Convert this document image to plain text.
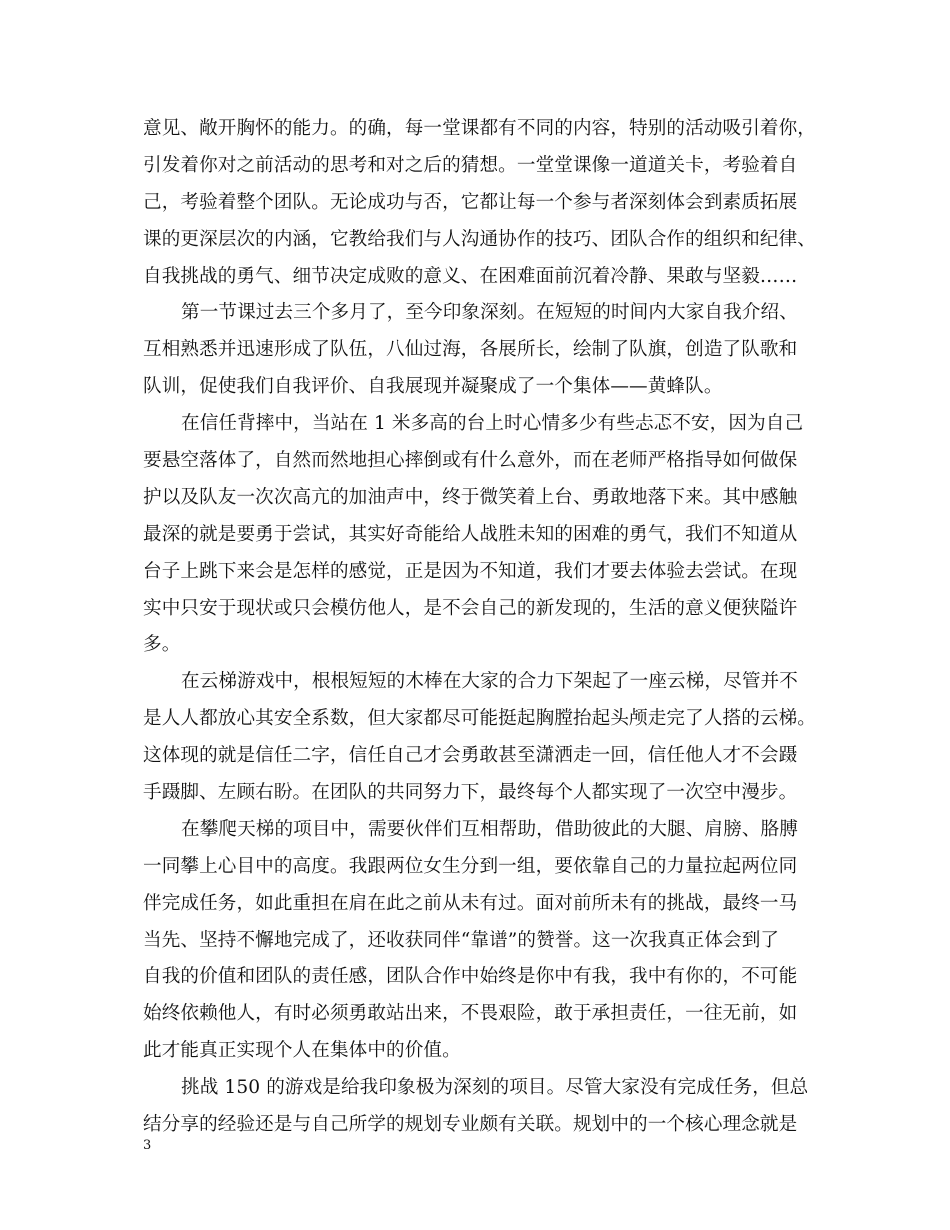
意见、敞开胸怀的能力。的确，每一堂课都有不同的内容，特别的活动吸引着你，
引发着你对之前活动的思考和对之后的猜想。一堂堂课像一道道关卡，考验着自
己，考验着整个团队。无论成功与否，它都让每一个参与者深刻体会到素质拓展
课的更深层次的内涵，它教给我们与人沟通协作的技巧、团队合作的组织和纪律、
自我挑战的勇气、细节决定成败的意义、在困难面前沉着冷静、果敢与坚毅……
第一节课过去三个多月了，至今印象深刻。在短短的时间内大家自我介绍、
互相熟悉并迅速形成了队伍，八仙过海，各展所长，绘制了队旗，创造了队歌和
队训，促使我们自我评价、自我展现并凝聚成了一个集体——黄蜂队。
在信任背摔中，当站在 1 米多高的台上时心情多少有些忐忑不安，因为自己
要悬空落体了，自然而然地担心摔倒或有什么意外，而在老师严格指导如何做保
护以及队友一次次高亢的加油声中，终于微笑着上台、勇敢地落下来。其中感触
最深的就是要勇于尝试，其实好奇能给人战胜未知的困难的勇气，我们不知道从
台子上跳下来会是怎样的感觉，正是因为不知道，我们才要去体验去尝试。在现
实中只安于现状或只会模仿他人，是不会自己的新发现的，生活的意义便狭隘许
多。
在云梯游戏中，根根短短的木棒在大家的合力下架起了一座云梯，尽管并不
是人人都放心其安全系数，但大家都尽可能挺起胸膛抬起头颅走完了人搭的云梯。
这体现的就是信任二字，信任自己才会勇敢甚至潇洒走一回，信任他人才不会蹑
手蹑脚、左顾右盼。在团队的共同努力下，最终每个人都实现了一次空中漫步。
在攀爬天梯的项目中，需要伙伴们互相帮助，借助彼此的大腿、肩膀、胳膊
一同攀上心目中的高度。我跟两位女生分到一组，要依靠自己的力量拉起两位同
伴完成任务，如此重担在肩在此之前从未有过。面对前所未有的挑战，最终一马
当先、坚持不懈地完成了，还收获同伴“靠谱”的赞誉。这一次我真正体会到了
自我的价值和团队的责任感，团队合作中始终是你中有我，我中有你的，不可能
始终依赖他人，有时必须勇敢站出来，不畏艰险，敢于承担责任，一往无前，如
此才能真正实现个人在集体中的价值。
挑战 150 的游戏是给我印象极为深刻的项目。尽管大家没有完成任务，但总
结分享的经验还是与自己所学的规划专业颇有关联。规划中的一个核心理念就是
3
